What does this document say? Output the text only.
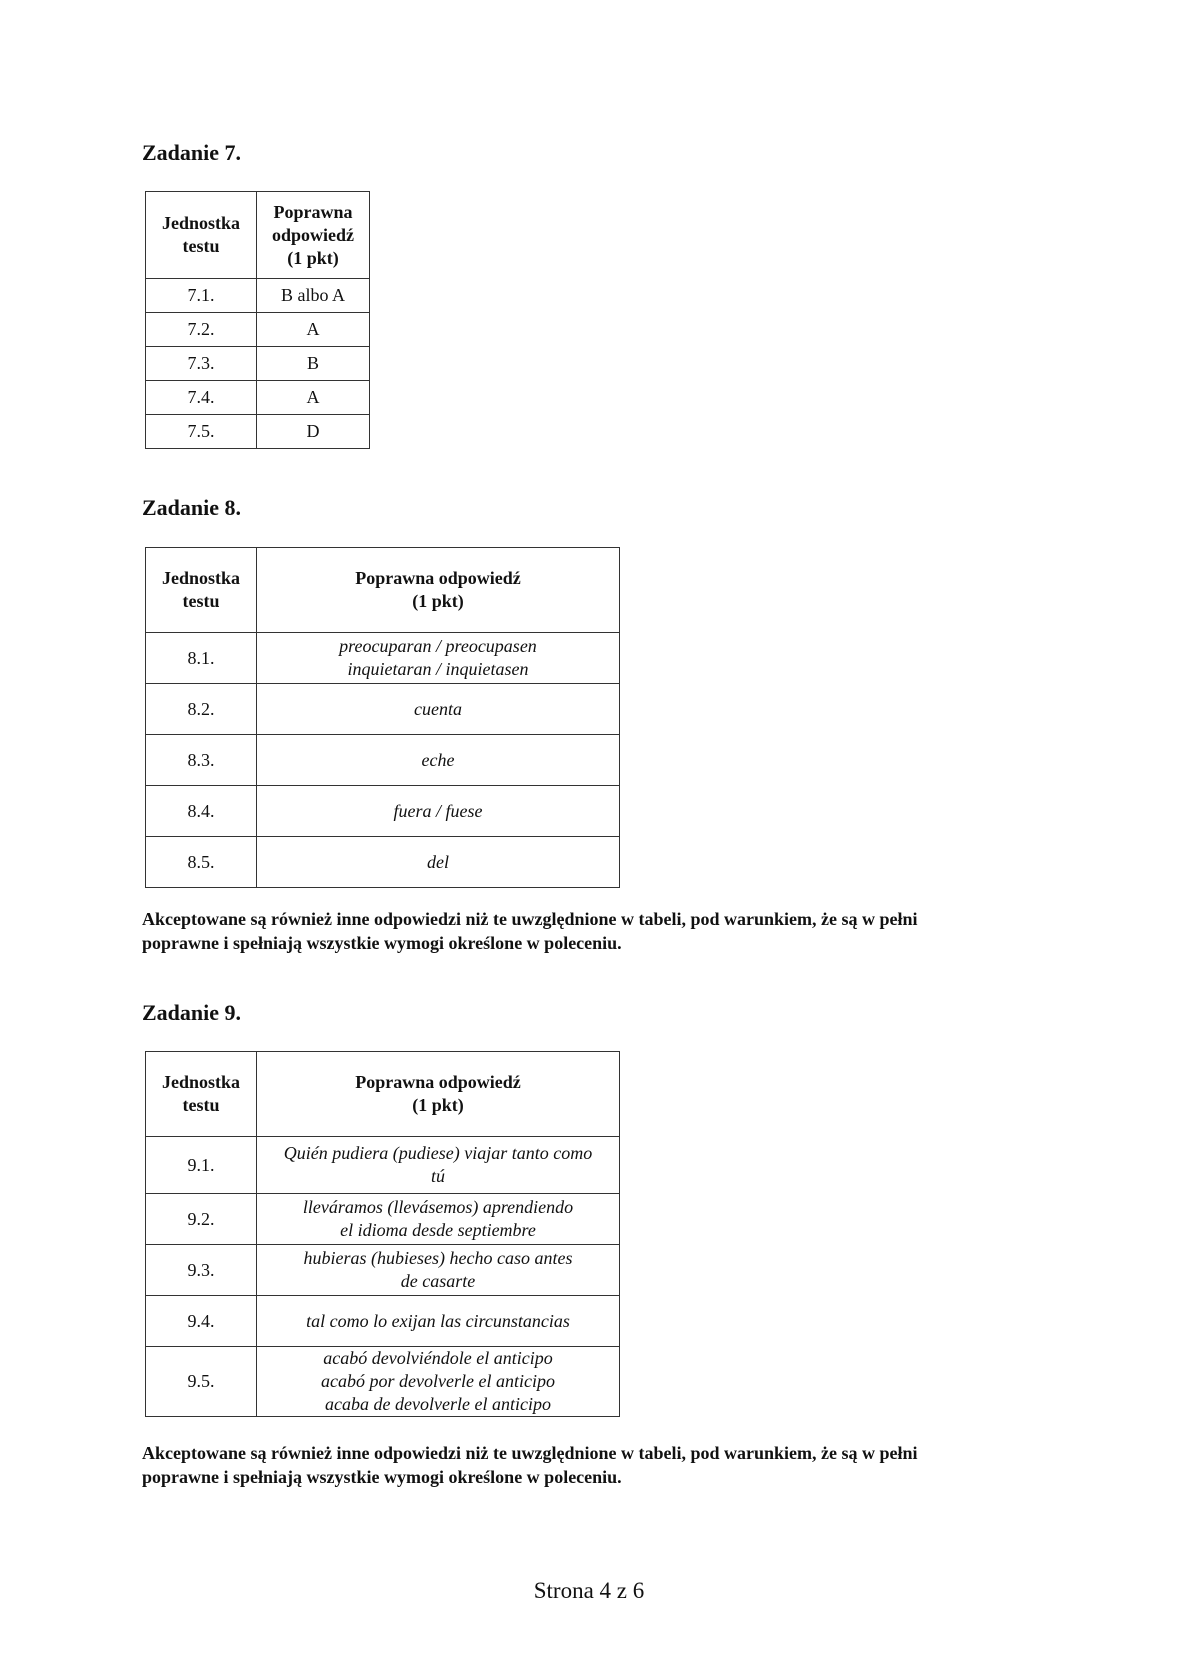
Zadanie 7.
Jednostka
testu	Poprawna
odpowiedź
(1 pkt)

7.1.	B albo A
7.2.	A
7.3.	B
7.4.	A
7.5.	D
Zadanie 8.
Jednostka
testu	Poprawna odpowiedź
(1 pkt)

8.1.	preocuparan / preocupasen
inquietaran / inquietasen

8.2.	cuenta

8.3.	eche

8.4.	fuera / fuese

8.5.	del

Akceptowane są również inne odpowiedzi niż te uwzględnione w tabeli, pod warunkiem, że są w pełni
poprawne i spełniają wszystkie wymogi określone w poleceniu.

Zadanie 9.
Jednostka
testu	Poprawna odpowiedź
(1 pkt)

9.1.	Quién pudiera (pudiese) viajar tanto como
tú

9.2.	lleváramos (llevásemos) aprendiendo
el idioma desde septiembre

9.3.	hubieras (hubieses) hecho caso antes
de casarte

9.4.	tal como lo exijan las circunstancias

9.5.	acabó devolviéndole el anticipo
acabó por devolverle el anticipo
acaba de devolverle el anticipo

Akceptowane są również inne odpowiedzi niż te uwzględnione w tabeli, pod warunkiem, że są w pełni
poprawne i spełniają wszystkie wymogi określone w poleceniu.

Strona 4 z 6
